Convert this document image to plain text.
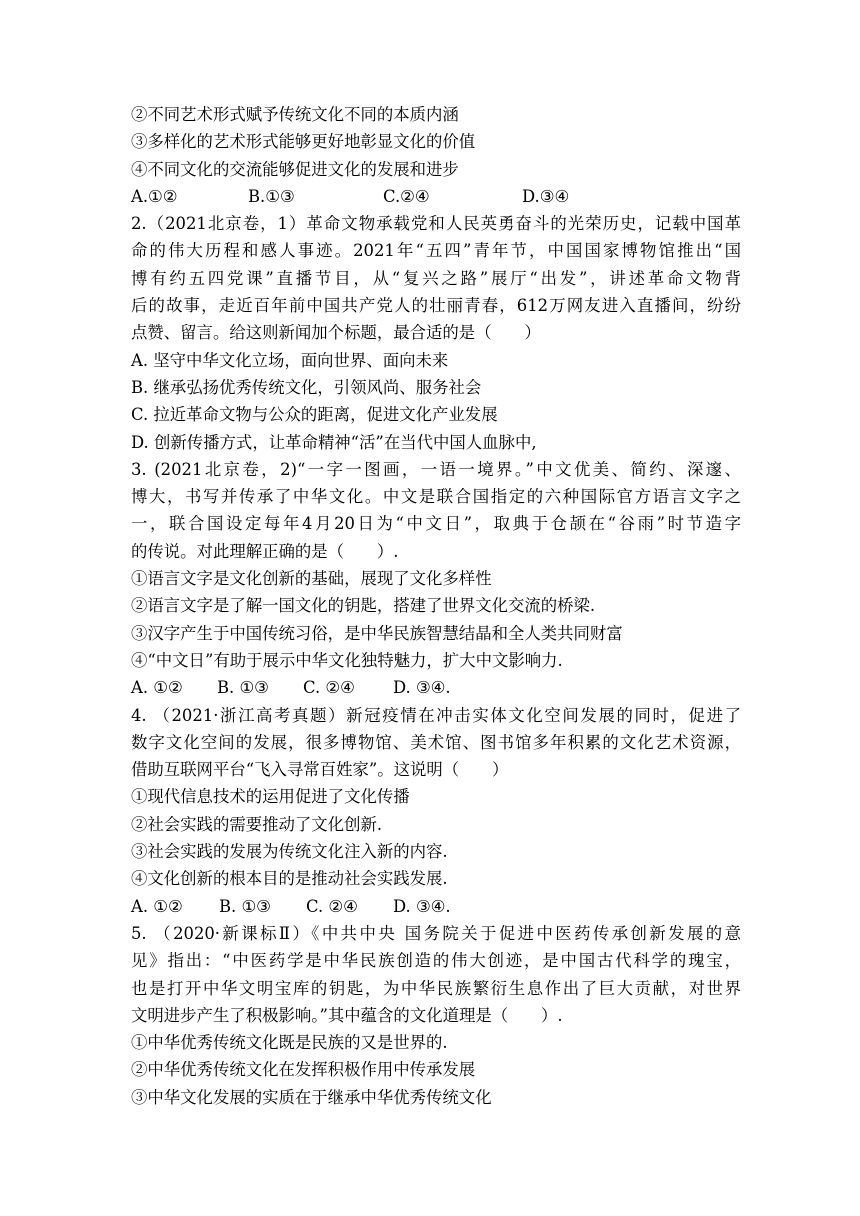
②不同艺术形式赋予传统文化不同的本质内涵
③多样化的艺术形式能够更好地彰显文化的价值
④不同文化的交流能够促进文化的发展和进步
A.①②	B.①③	C.②④	D.③④
2.（2021北京卷，1）革命文物承载党和人民英勇奋斗的光荣历史，记载中国革
命的伟大历程和感人事迹。2021年“五四”青年节，中国国家博物馆推出“国
博有约五四党课”直播节目，从“复兴之路”展厅“出发”，讲述革命文物背
后的故事，走近百年前中国共产党人的壮丽青春，612万网友进入直播间，纷纷
点赞、留言。给这则新闻加个标题，最合适的是（　　）
A. 坚守中华文化立场，面向世界、面向未来
B. 继承弘扬优秀传统文化，引领风尚、服务社会
C. 拉近革命文物与公众的距离，促进文化产业发展
D. 创新传播方式，让革命精神“活”在当代中国人血脉中,
3. (2021北京卷，2)“一字一图画，一语一境界。”中文优美、简约、深邃、
博大，书写并传承了中华文化。中文是联合国指定的六种国际官方语言文字之
一，联合国设定每年4月20日为“中文日”，取典于仓颉在“谷雨”时节造字
的传说。对此理解正确的是（　　）.
①语言文字是文化创新的基础，展现了文化多样性
②语言文字是了解一国文化的钥匙，搭建了世界文化交流的桥梁.
③汉字产生于中国传统习俗，是中华民族智慧结晶和全人类共同财富
④“中文日”有助于展示中华文化独特魅力，扩大中文影响力.
A. ①②	B. ①③	C. ②④	D. ③④.
4. （2021·浙江高考真题）新冠疫情在冲击实体文化空间发展的同时，促进了
数字文化空间的发展，很多博物馆、美术馆、图书馆多年积累的文化艺术资源，
借助互联网平台“飞入寻常百姓家”。这说明（　　）
①现代信息技术的运用促进了文化传播
②社会实践的需要推动了文化创新.
③社会实践的发展为传统文化注入新的内容.
④文化创新的根本目的是推动社会实践发展.
A. ①②	B. ①③	C. ②④	D. ③④.
5. （2020·新课标Ⅱ）《中共中央 国务院关于促进中医药传承创新发展的意
见》指出：“中医药学是中华民族创造的伟大创迹，是中国古代科学的瑰宝，
也是打开中华文明宝库的钥匙，为中华民族繁衍生息作出了巨大贡献，对世界
文明进步产生了积极影响。”其中蕴含的文化道理是（　　）.
①中华优秀传统文化既是民族的又是世界的.
②中华优秀传统文化在发挥积极作用中传承发展
③中华文化发展的实质在于继承中华优秀传统文化
